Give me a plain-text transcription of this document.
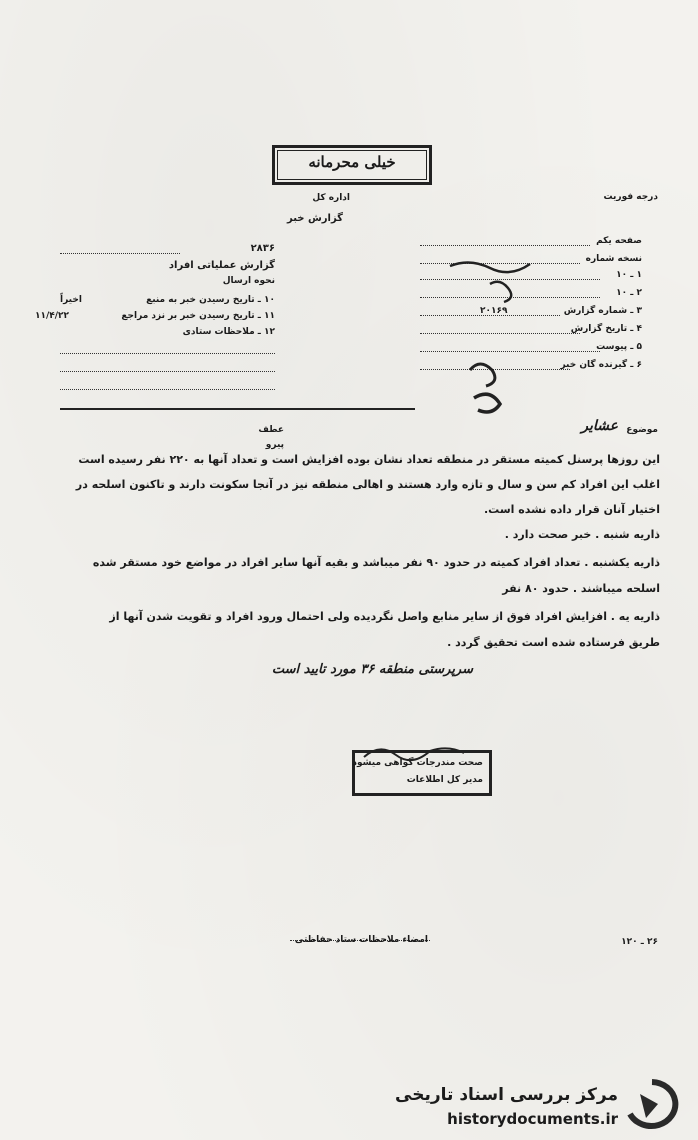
درجه فوریت
خیلی محرمانه
اداره کل
گزارش خبر
۲۸۳۶
گزارش عملیاتی افراد
نحوه ارسال
۱۰ ـ تاریخ رسیدن خبر به منبع
اخیراً
۱۱ ـ تاریخ رسیدن خبر بر نزد مراجع
۱۱/۴/۲۲
۱۲ ـ ملاحظات ستادی
صفحه یکم
نسخه شماره
۱ ـ ۱۰
۲ ـ ۱۰
۳ ـ شماره گزارش
۲۰۱۶۹
۴ ـ تاریخ گزارش
۵ ـ پیوست
۶ ـ گیرنده گان خبر
عطف
پیرو
موضوع
عشایر
این روزها پرسنل کمیته مستقر در منطقه تعداد نشان بوده افزایش است و تعداد آنها به ۲۲۰ نفر رسیده است
اغلب این افراد کم سن و سال و تازه وارد هستند و اهالی منطقه نیز در آنجا سکونت دارند و تاکنون اسلحه در
اختیار آنان قرار داده نشده است.
ذاریه شنبه . خبر صحت دارد .
ذاریه یکشنبه . تعداد افراد کمیته در حدود ۹۰ نفر میباشد و بقیه آنها سایر افراد در مواضع خود مستقر شده
اسلحه میباشند . حدود ۸۰ نفر
ذاریه یه . افزایش افراد فوق از سایر منابع واصل نگردیده ولی احتمال ورود افراد و تقویت شدن آنها از
طریق فرستاده شده است تحقیق گردد .
سرپرستی منطقه ۳۶ مورد تایید است
صحت مندرجات گواهی میشود
مدیر کل اطلاعات
امضاء ملاحظات ستاد حفاظتی	۲۶ ـ ۱۲۰
مرکز بررسی اسناد تاریخی
historydocuments.ir
